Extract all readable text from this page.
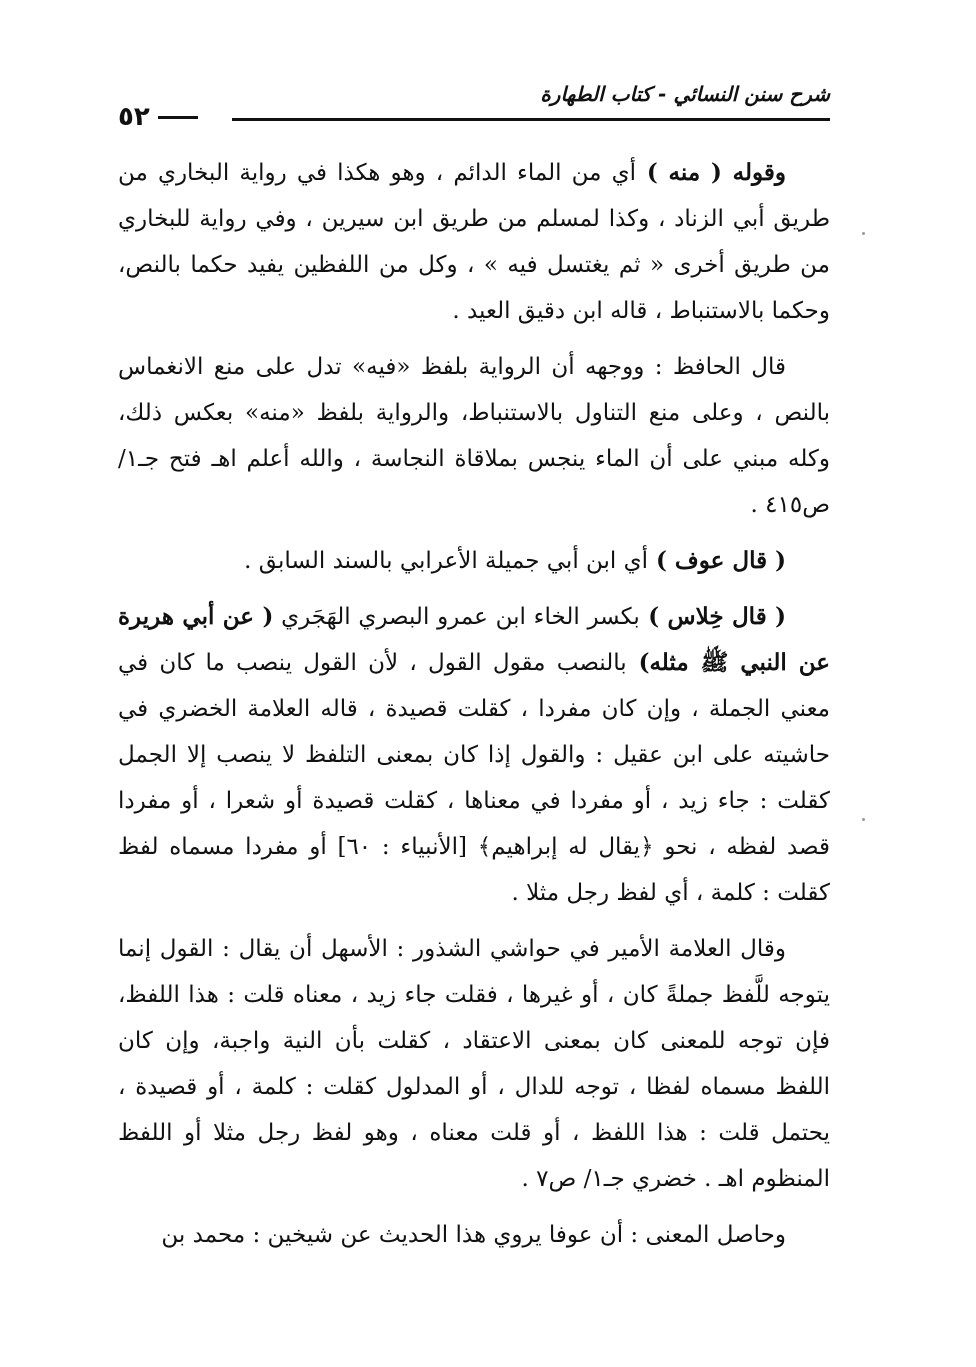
شرح سنن النسائي - كتاب الطهارة
٥٢

وقوله ( منه ) أي من الماء الدائم ، وهو هكذا في رواية البخاري من طريق أبي الزناد ، وكذا لمسلم من طريق ابن سيرين ، وفي رواية للبخاري من طريق أخرى « ثم يغتسل فيه » ، وكل من اللفظين يفيد حكما بالنص، وحكما بالاستنباط ، قاله ابن دقيق العيد .

قال الحافظ : ووجهه أن الرواية بلفظ «فيه» تدل على منع الانغماس بالنص ، وعلى منع التناول بالاستنباط، والرواية بلفظ «منه» بعكس ذلك، وكله مبني على أن الماء ينجس بملاقاة النجاسة ، والله أعلم اهـ فتح جـ١/ ص٤١٥ .

( قال عوف ) أي ابن أبي جميلة الأعرابي بالسند السابق .

( قال خِلاس ) بكسر الخاء ابن عمرو البصري الهَجَري ( عن أبي هريرة عن النبي ﷺ مثله) بالنصب مقول القول ، لأن القول ينصب ما كان في معني الجملة ، وإن كان مفردا ، كقلت قصيدة ، قاله العلامة الخضري في حاشيته على ابن عقيل : والقول إذا كان بمعنى التلفظ لا ينصب إلا الجمل كقلت : جاء زيد ، أو مفردا في معناها ، كقلت قصيدة أو شعرا ، أو مفردا قصد لفظه ، نحو ﴿يقال له إبراهيم﴾ [الأنبياء : ٦٠] أو مفردا مسماه لفظ كقلت : كلمة ، أي لفظ رجل مثلا .

وقال العلامة الأمير في حواشي الشذور : الأسهل أن يقال : القول إنما يتوجه للَّفظ جملةً كان ، أو غيرها ، فقلت جاء زيد ، معناه قلت : هذا اللفظ، فإن توجه للمعنى كان بمعنى الاعتقاد ، كقلت بأن النية واجبة، وإن كان اللفظ مسماه لفظا ، توجه للدال ، أو المدلول كقلت : كلمة ، أو قصيدة ، يحتمل قلت : هذا اللفظ ، أو قلت معناه ، وهو لفظ رجل مثلا أو اللفظ المنظوم اهـ . خضري جـ١/ ص٧ .

وحاصل المعنى : أن عوفا يروي هذا الحديث عن شيخين : محمد بن
